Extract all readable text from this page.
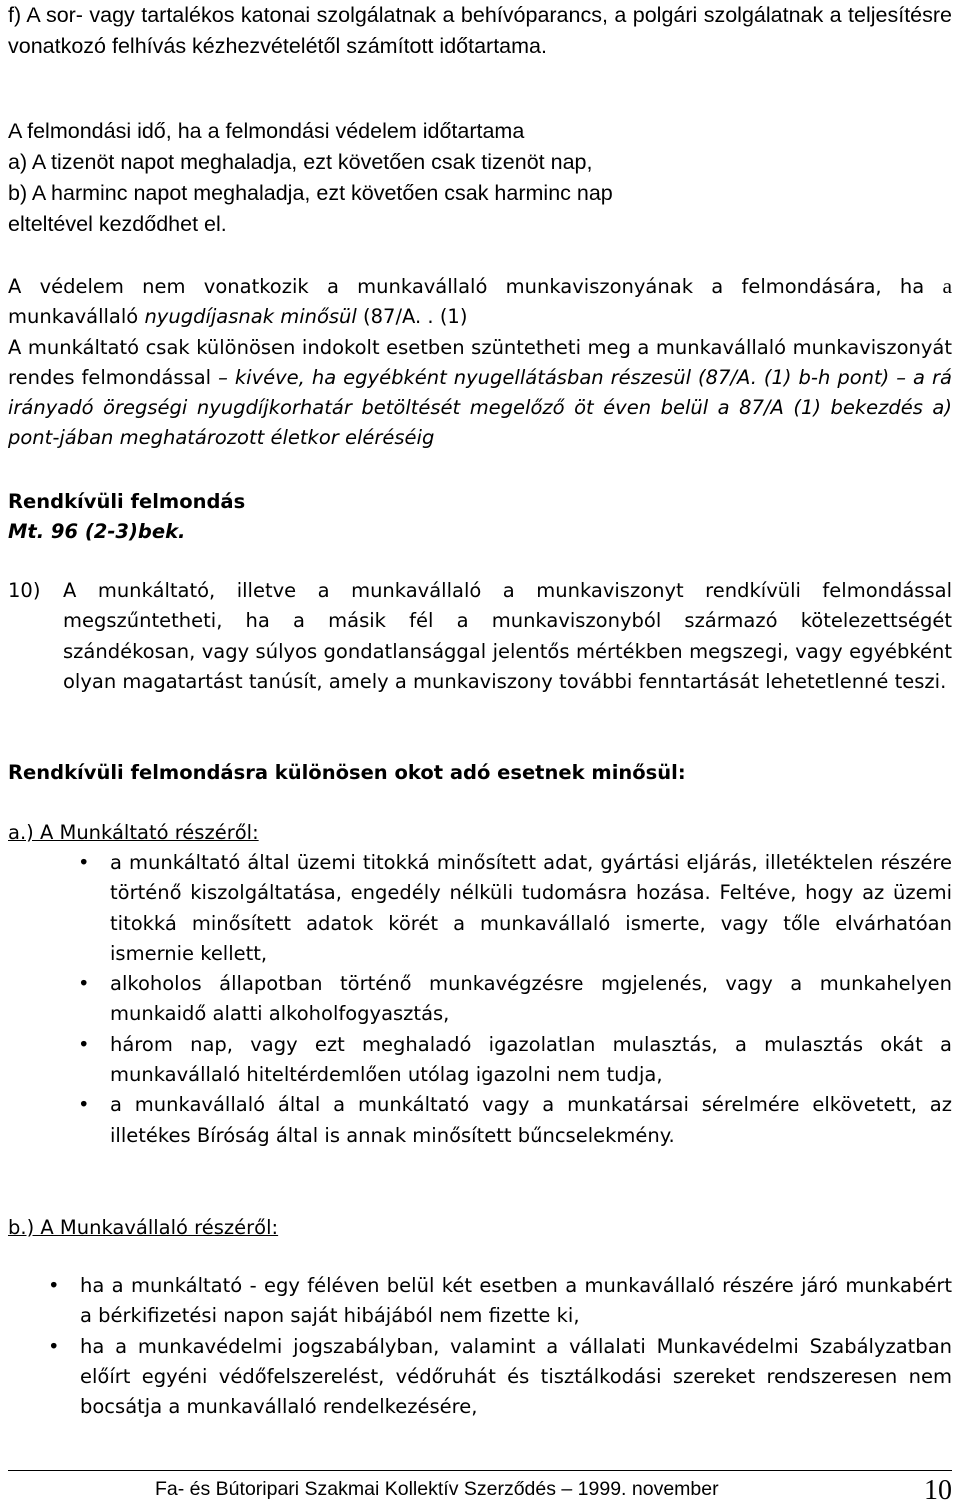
f) A sor- vagy tartalékos katonai szolgálatnak a behívóparancs, a polgári szolgálatnak a teljesítésre vonatkozó felhívás kézhezvételétől számított időtartama.

A felmondási idő, ha a felmondási védelem időtartama
a) A tizenöt napot meghaladja, ezt követően csak tizenöt nap,
b) A harminc napot meghaladja, ezt követően csak harminc nap
elteltével kezdődhet el.
A védelem nem vonatkozik a munkavállaló munkaviszonyának a felmondására, ha a
munkavállaló nyugdíjasnak minősül (87/A. . (1)
A munkáltató csak különösen indokolt esetben szüntetheti meg a munkavállaló munkaviszonyát rendes felmondással – kivéve, ha egyébként nyugellátásban részesül (87/A. (1) b-h pont) – a rá irányadó öregségi nyugdíjkorhatár betöltését megelőző öt éven belül a 87/A (1) bekezdés a) pont-jában meghatározott életkor eléréséig
Rendkívüli felmondás
Mt. 96 (2-3)bek.
10)	A munkáltató, illetve a munkavállaló a munkaviszonyt rendkívüli felmondással megszűntetheti, ha a másik fél a munkaviszonyból származó kötelezettségét szándékosan, vagy súlyos gondatlansággal jelentős mértékben megszegi, vagy egyébként olyan magatartást tanúsít, amely a munkaviszony további fenntartását lehetetlenné teszi.
Rendkívüli felmondásra különösen okot adó esetnek minősül:
a.) A Munkáltató részéről:
• a munkáltató által üzemi titokká minősített adat, gyártási eljárás, illetéktelen részére történő kiszolgáltatása, engedély nélküli tudomásra hozása. Feltéve, hogy az üzemi titokká minősített adatok körét a munkavállaló ismerte, vagy tőle elvárhatóan ismernie kellett,
• alkoholos állapotban történő munkavégzésre mgjelenés, vagy a munkahelyen munkaidő alatti alkoholfogyasztás,
• három nap, vagy ezt meghaladó igazolatlan mulasztás, a mulasztás okát a munkavállaló hiteltérdemlően utólag igazolni nem tudja,
• a munkavállaló által a munkáltató vagy a munkatársai sérelmére elkövetett, az illetékes Bíróság által is annak minősített bűncselekmény.
b.) A Munkavállaló részéről:
• ha a munkáltató - egy féléven belül két esetben a munkavállaló részére járó munkabért a bérkifizetési napon saját hibájából nem fizette ki,
• ha a munkavédelmi jogszabályban, valamint a vállalati Munkavédelmi Szabályzatban előírt egyéni védőfelszerelést, védőruhát és tisztálkodási szereket rendszeresen nem bocsátja a munkavállaló rendelkezésére,
Fa- és Bútoripari Szakmai Kollektív Szerződés – 1999. november	10
